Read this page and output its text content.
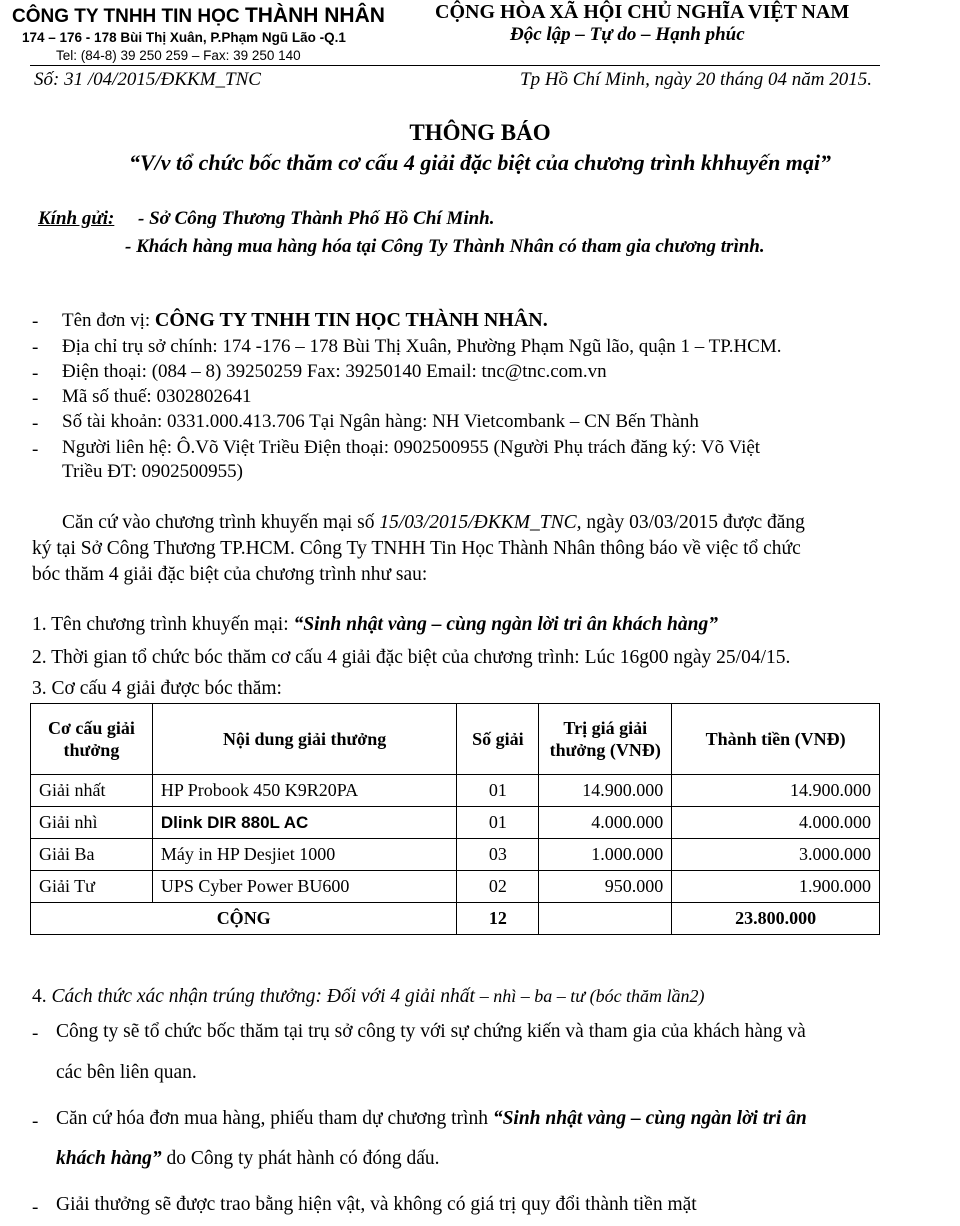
CÔNG TY TNHH TIN HỌC THÀNH NHÂN
174 – 176 - 178 Bùi Thị Xuân, P.Phạm Ngũ Lão -Q.1
Tel: (84-8) 39 250 259 – Fax: 39 250 140
CỘNG HÒA XÃ HỘI CHỦ NGHĨA VIỆT NAM
Độc lập – Tự do – Hạnh phúc
Số: 31 /04/2015/ĐKKM_TNC	Tp Hồ Chí Minh, ngày 20 tháng 04 năm 2015.
THÔNG BÁO
“V/v tổ chức bốc thăm cơ cấu 4 giải đặc biệt của chương trình khhuyến mại”
Kính gửi: - Sở Công Thương Thành Phố Hồ Chí Minh.
- Khách hàng mua hàng hóa tại Công Ty Thành Nhân có tham gia chương trình.
- Tên đơn vị: CÔNG TY TNHH TIN HỌC THÀNH NHÂN.
- Địa chỉ trụ sở chính: 174 -176 – 178 Bùi Thị Xuân, Phường Phạm Ngũ lão, quận 1 – TP.HCM.
- Điện thoại: (084 – 8) 39250259 Fax: 39250140 Email: tnc@tnc.com.vn
- Mã số thuế: 0302802641
- Số tài khoản: 0331.000.413.706 Tại Ngân hàng: NH Vietcombank – CN Bến Thành
- Người liên hệ: Ô.Võ Việt Triều Điện thoại: 0902500955 (Người Phụ trách đăng ký: Võ Việt
Triều ĐT: 0902500955)
Căn cứ vào chương trình khuyến mại số 15/03/2015/ĐKKM_TNC, ngày 03/03/2015 được đăng
ký tại Sở Công Thương TP.HCM. Công Ty TNHH Tin Học Thành Nhân thông báo về việc tổ chức
bóc thăm 4 giải đặc biệt của chương trình như sau:
1. Tên chương trình khuyến mại: “Sinh nhật vàng – cùng ngàn lời tri ân khách hàng”
2. Thời gian tổ chức bóc thăm cơ cấu 4 giải đặc biệt của chương trình: Lúc 16g00 ngày 25/04/15.
3. Cơ cấu 4 giải được bóc thăm:
Cơ cấu giải thưởng	Nội dung giải thưởng	Số giải	Trị giá giải thưởng (VNĐ)	Thành tiền (VNĐ)
Giải nhất	HP Probook 450 K9R20PA	01	14.900.000	14.900.000
Giải nhì	Dlink DIR 880L AC	01	4.000.000	4.000.000
Giải Ba	Máy in HP Desjiet 1000	03	1.000.000	3.000.000
Giải Tư	UPS Cyber Power BU600	02	950.000	1.900.000
CỘNG		12		23.800.000
4. Cách thức xác nhận trúng thưởng: Đối với 4 giải nhất – nhì – ba – tư (bóc thăm lần2)
- Công ty sẽ tổ chức bốc thăm tại trụ sở công ty với sự chứng kiến và tham gia của khách hàng và
các bên liên quan.
- Căn cứ hóa đơn mua hàng, phiếu tham dự chương trình “Sinh nhật vàng – cùng ngàn lời tri ân
khách hàng” do Công ty phát hành có đóng dấu.
- Giải thưởng sẽ được trao bằng hiện vật, và không có giá trị quy đổi thành tiền mặt
